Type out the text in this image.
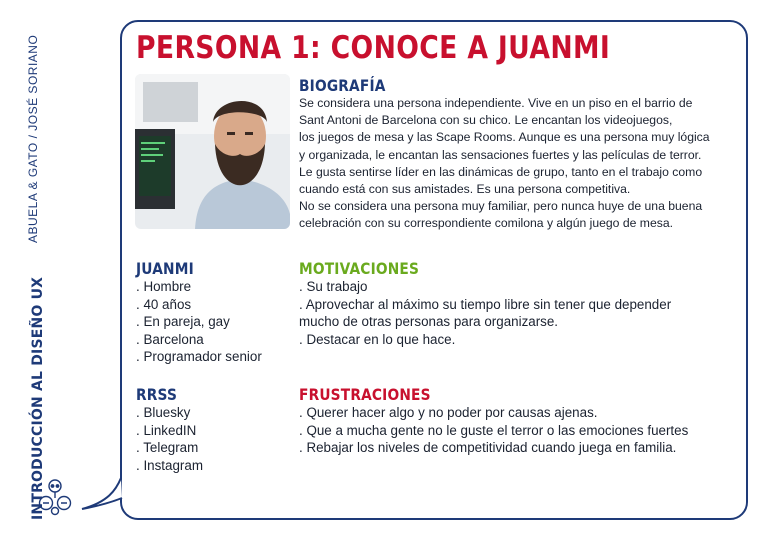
ABUELA & GATO / JOSÉ SORIANO
INTRODUCCIÓN AL DISEÑO UX
PERSONA 1: CONOCE A JUANMI
BIOGRAFÍA

Se considera una persona independiente. Vive en un piso en el barrio de

Sant Antoni de Barcelona con su chico. Le encantan los videojuegos,

los juegos de mesa y las Scape Rooms. Aunque es una persona muy lógica

y organizada, le encantan las sensaciones fuertes y las películas de terror.

Le gusta sentirse líder en las dinámicas de grupo, tanto en el trabajo como

cuando está con sus amistades. Es una persona competitiva.

No se considera una persona muy familiar, pero nunca huye de una buena

celebración con su correspondiente comilona y algún juego de mesa.

JUANMI
. Hombre
. 40 años
. En pareja, gay
. Barcelona
. Programador senior
RRSS
. Bluesky
. LinkedIN
. Telegram
. Instagram
MOTIVACIONES
. Su trabajo
. Aprovechar al máximo su tiempo libre sin tener que depender
mucho de otras personas para organizarse.
. Destacar en lo que hace.
FRUSTRACIONES
. Querer hacer algo y no poder por causas ajenas.
. Que a mucha gente no le guste el terror o las emociones fuertes
. Rebajar los niveles de competitividad cuando juega en familia.
